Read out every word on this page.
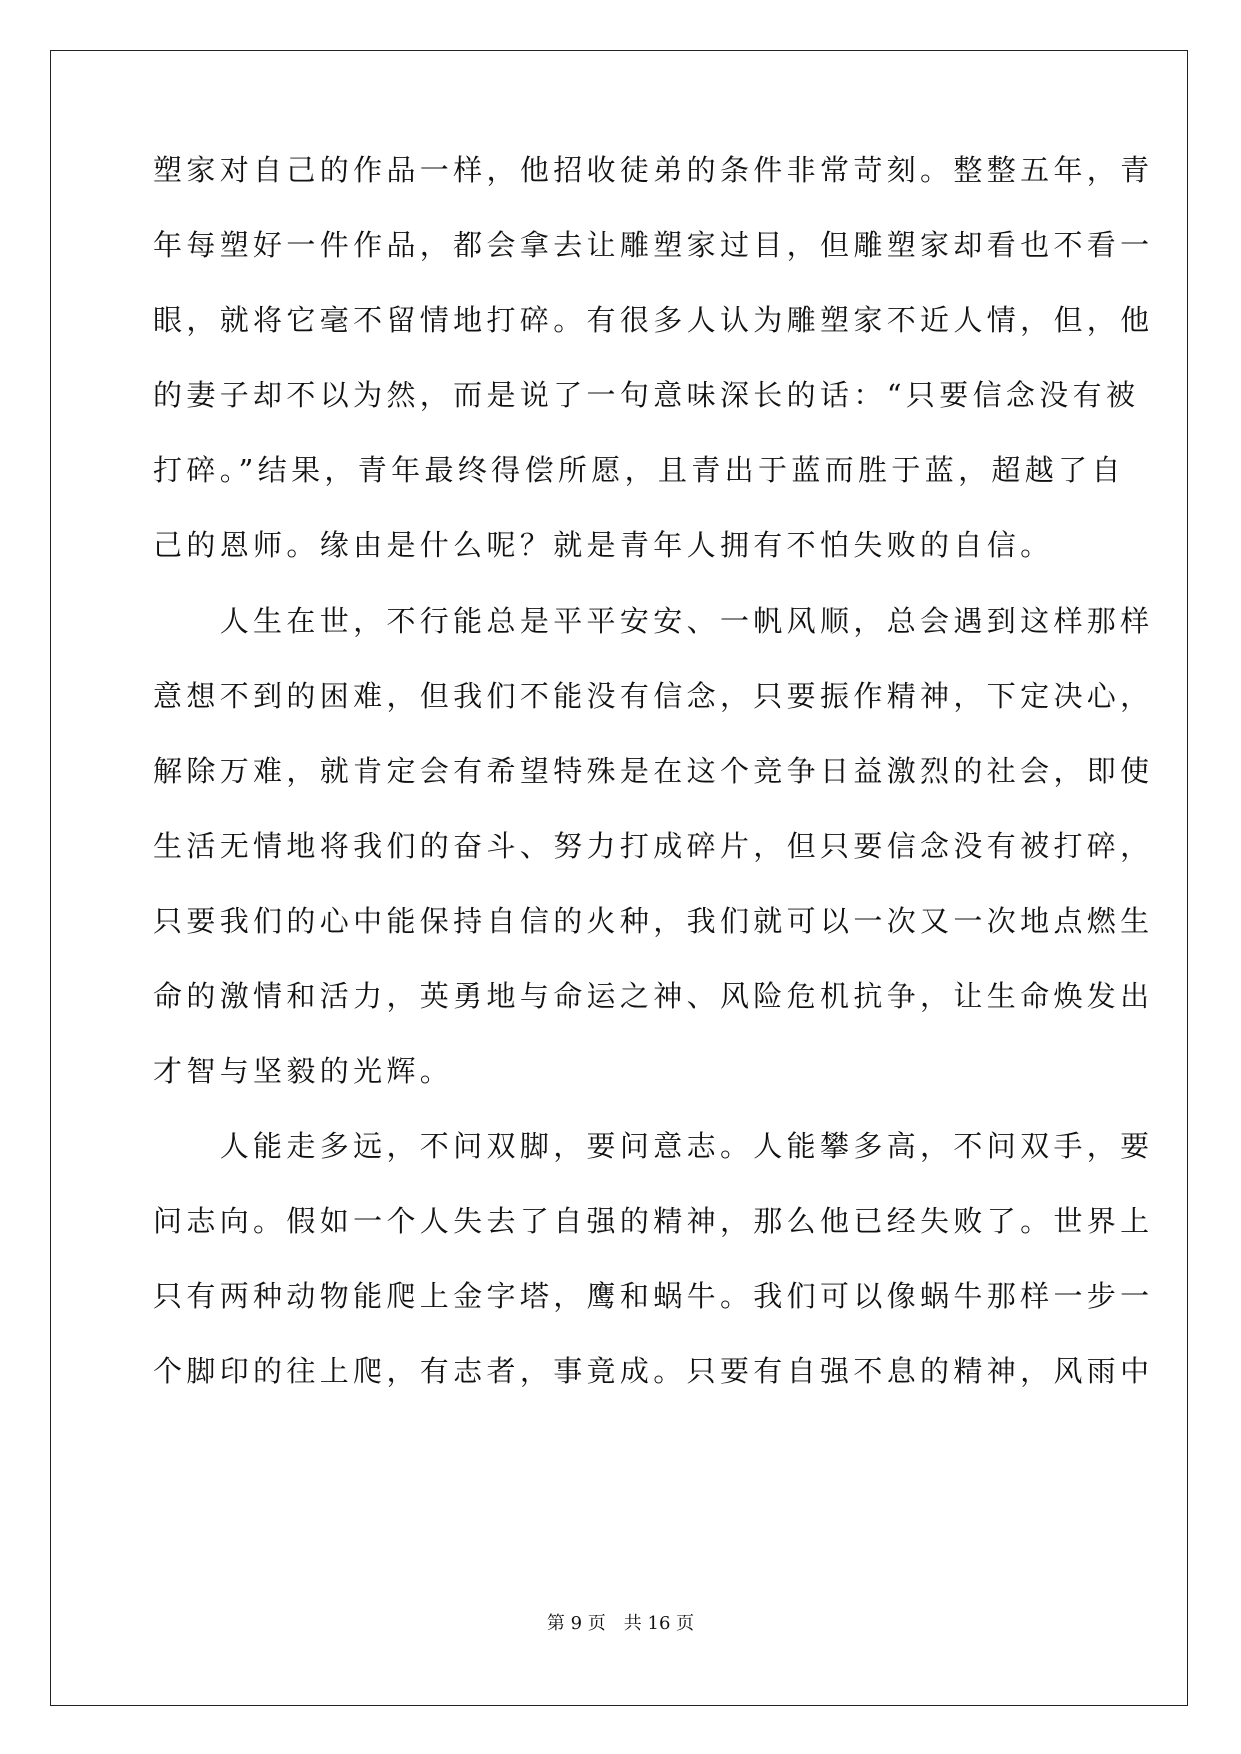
塑家对自己的作品一样，他招收徒弟的条件非常苛刻。整整五年，青
年每塑好一件作品，都会拿去让雕塑家过目，但雕塑家却看也不看一
眼，就将它毫不留情地打碎。有很多人认为雕塑家不近人情，但，他
的妻子却不以为然，而是说了一句意味深长的话：“只要信念没有被
打碎。”结果，青年最终得偿所愿，且青出于蓝而胜于蓝，超越了自
己的恩师。缘由是什么呢？就是青年人拥有不怕失败的自信。
　　人生在世，不行能总是平平安安、一帆风顺，总会遇到这样那样
意想不到的困难，但我们不能没有信念，只要振作精神，下定决心，
解除万难，就肯定会有希望特殊是在这个竞争日益激烈的社会，即使
生活无情地将我们的奋斗、努力打成碎片，但只要信念没有被打碎，
只要我们的心中能保持自信的火种，我们就可以一次又一次地点燃生
命的激情和活力，英勇地与命运之神、风险危机抗争，让生命焕发出
才智与坚毅的光辉。
　　人能走多远，不问双脚，要问意志。人能攀多高，不问双手，要
问志向。假如一个人失去了自强的精神，那么他已经失败了。世界上
只有两种动物能爬上金字塔，鹰和蜗牛。我们可以像蜗牛那样一步一
个脚印的往上爬，有志者，事竟成。只要有自强不息的精神，风雨中
第 9 页　共 16 页
